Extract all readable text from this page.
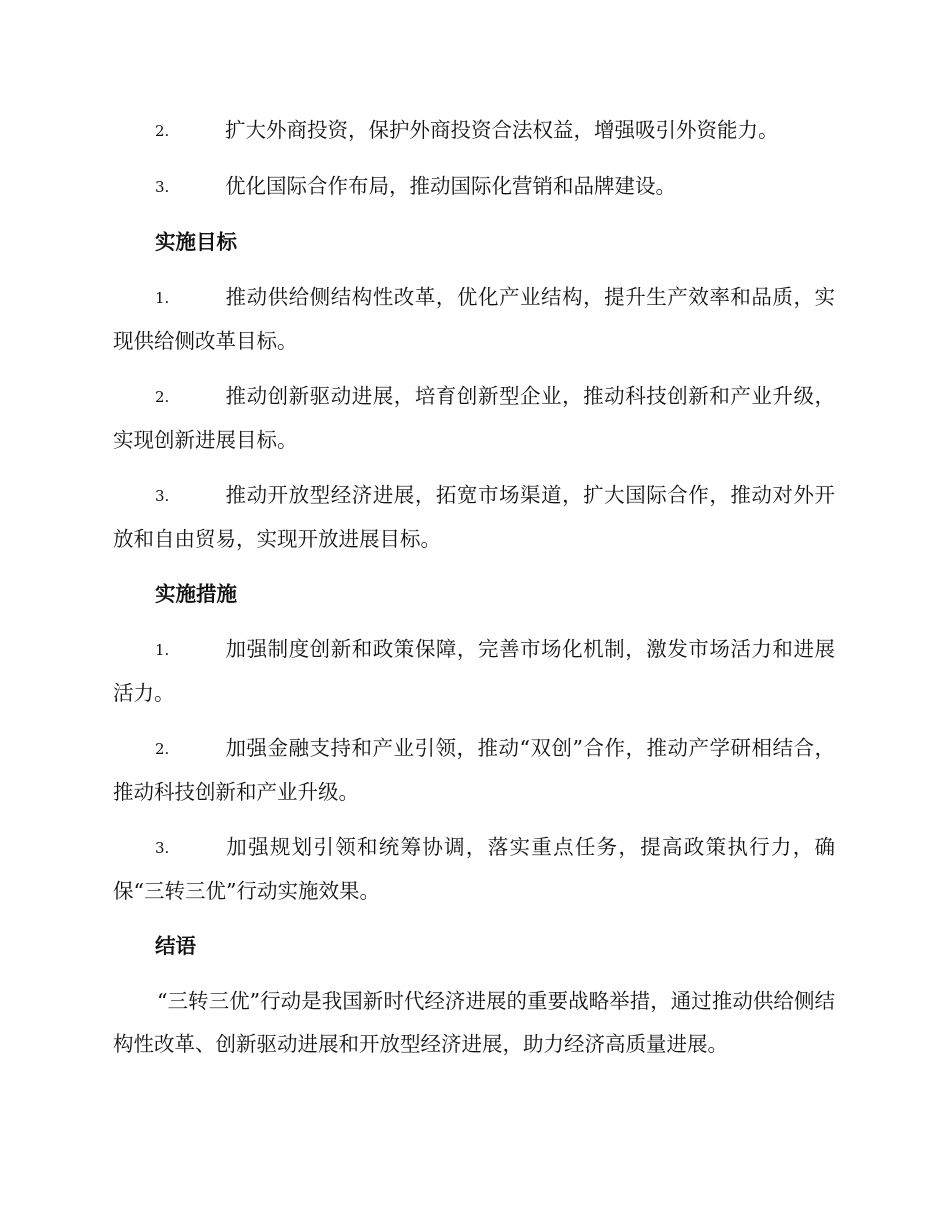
2.	扩大外商投资，保护外商投资合法权益，增强吸引外资能力。

3.	优化国际合作布局，推动国际化营销和品牌建设。

实施目标

1.	推动供给侧结构性改革，优化产业结构，提升生产效率和品质，实现供给侧改革目标。

2.	推动创新驱动进展，培育创新型企业，推动科技创新和产业升级，实现创新进展目标。

3.	推动开放型经济进展，拓宽市场渠道，扩大国际合作，推动对外开放和自由贸易，实现开放进展目标。

实施措施

1.	加强制度创新和政策保障，完善市场化机制，激发市场活力和进展活力。

2.	加强金融支持和产业引领，推动“双创”合作，推动产学研相结合，推动科技创新和产业升级。

3.	加强规划引领和统筹协调，落实重点任务，提高政策执行力，确保“三转三优”行动实施效果。

结语

“三转三优”行动是我国新时代经济进展的重要战略举措，通过推动供给侧结构性改革、创新驱动进展和开放型经济进展，助力经济高质量进展。
